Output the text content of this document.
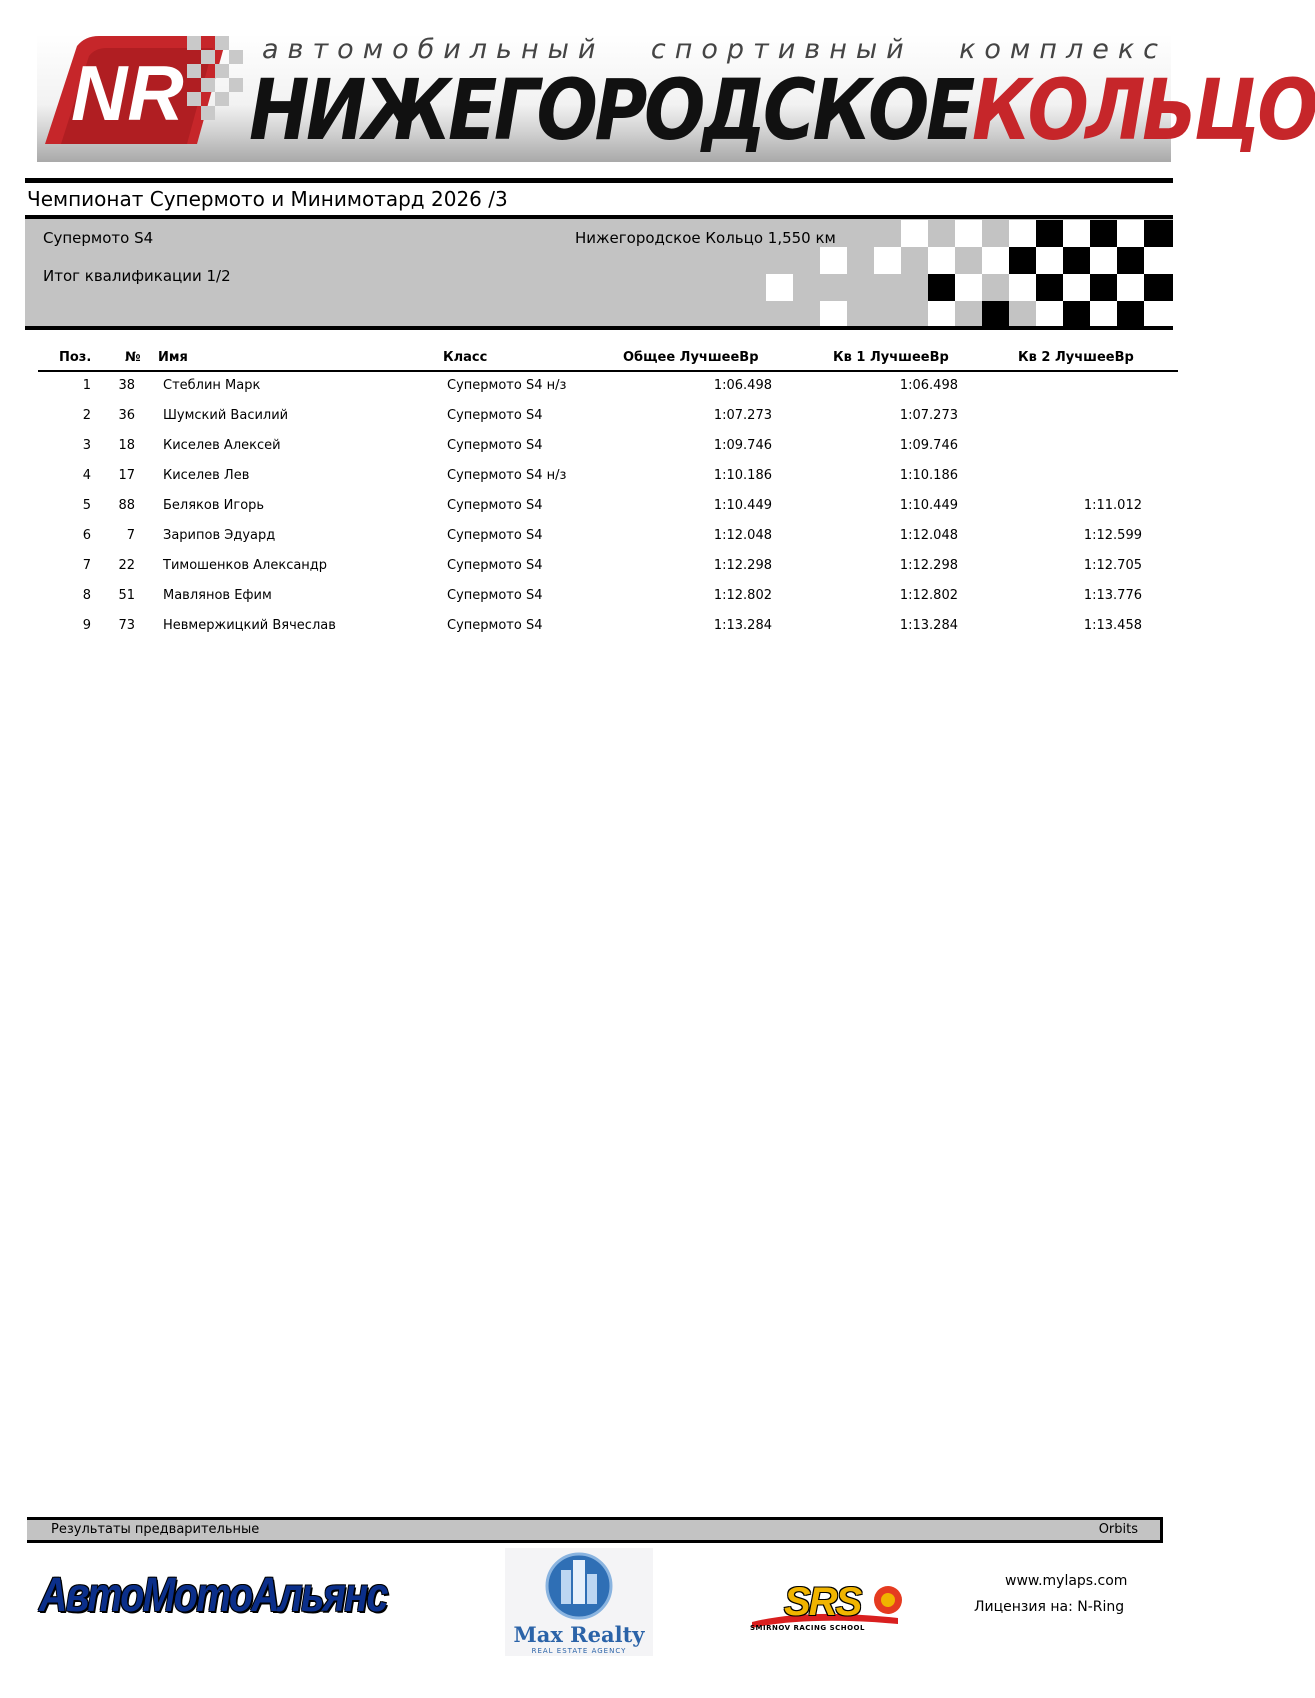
NR	автомобильный спортивный комплекс
НИЖЕГОРОДСКОЕКОЛЬЦО
Чемпионат Супермото и Минимотард 2026 /3
Супермото S4
Итог квалификации 1/2
Нижегородское Кольцо 1,550 км
Поз.	№ Имя	Класс	Общее ЛучшееВр	Кв 1 ЛучшееВр	Кв 2 ЛучшееВр
1 38 Стеблин Марк	Супермото S4 н/з	1:06.498	1:06.498
2 36 Шумский Василий	Супермото S4	1:07.273	1:07.273
3 18 Киселев Алексей	Супермото S4	1:09.746	1:09.746
4 17 Киселев Лев	Супермото S4 н/з	1:10.186	1:10.186
5 88 Беляков Игорь	Супермото S4	1:10.449	1:10.449	1:11.012
6	7 Зарипов Эдуард	Супермото S4	1:12.048	1:12.048	1:12.599
7 22 Тимошенков Александр	Супермото S4	1:12.298	1:12.298	1:12.705
8 51 Мавлянов Ефим	Супермото S4	1:12.802	1:12.802	1:13.776
9 73 Невмержицкий Вячеслав	Супермото S4	1:13.284	1:13.284	1:13.458
Результаты предварительные	Orbits
АвтоМотоАльянс
Max Realty
REAL ESTATE AGENCY
SRS
SMIRNOV RACING SCHOOL
www.mylaps.com
Лицензия на: N-Ring
